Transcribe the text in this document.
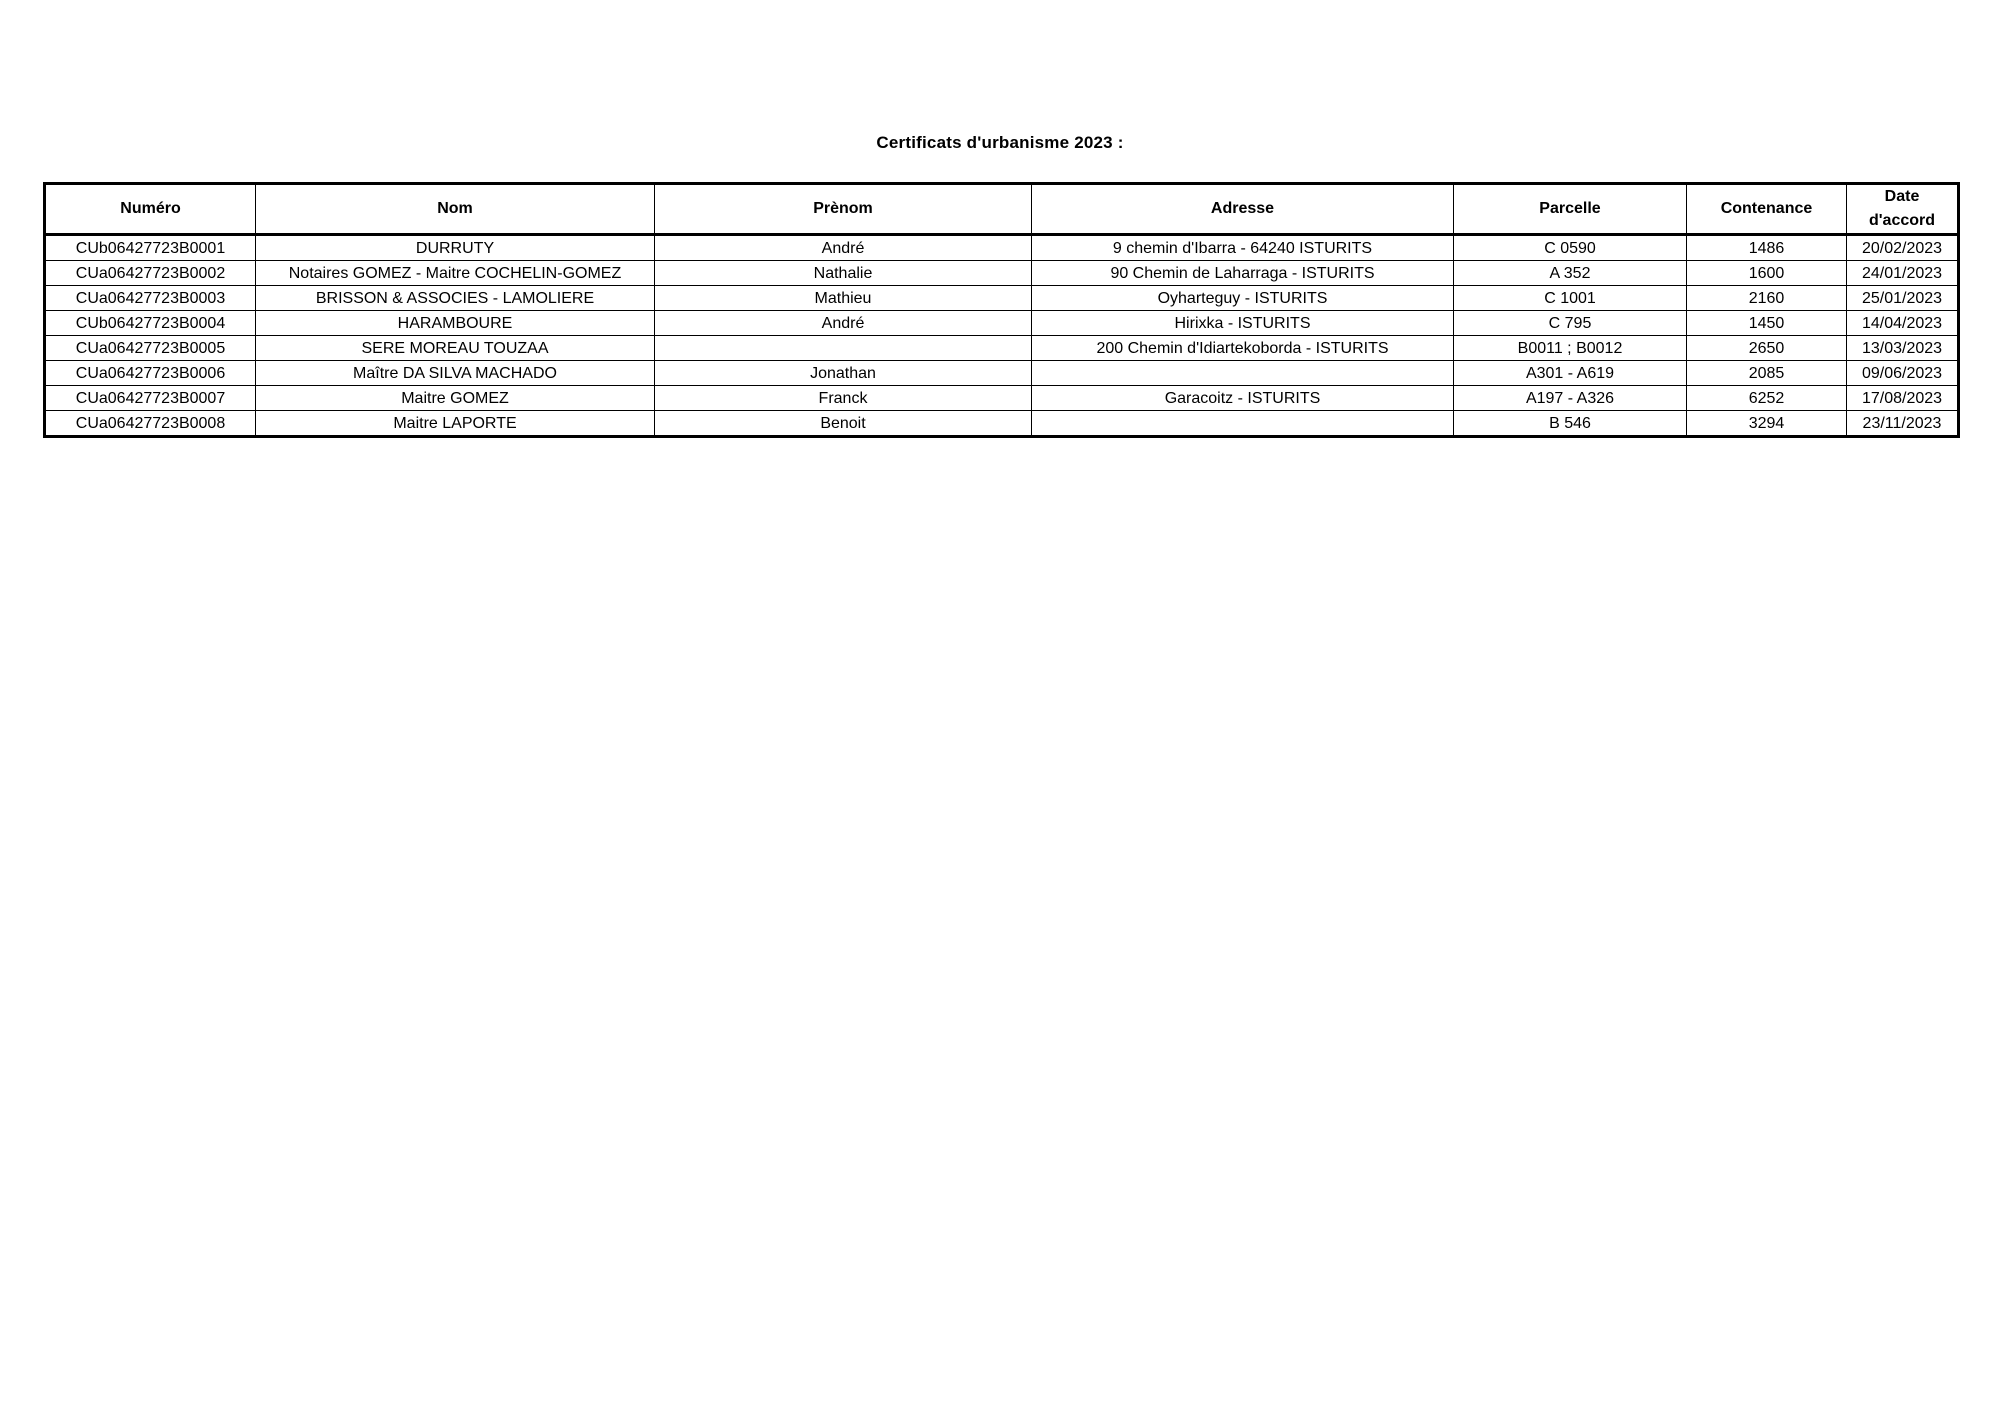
Certificats d'urbanisme 2023 :
Numéro	Nom	Prènom	Adresse	Parcelle	Contenance	Date
d'accord

CUb06427723B0001	DURRUTY	André	9 chemin d'Ibarra - 64240 ISTURITS	C 0590	1486	20/02/2023
CUa06427723B0002	Notaires GOMEZ - Maitre COCHELIN-GOMEZ	Nathalie	90 Chemin de Laharraga - ISTURITS	A 352	1600	24/01/2023
CUa06427723B0003	BRISSON & ASSOCIES - LAMOLIERE	Mathieu	Oyharteguy - ISTURITS	C 1001	2160	25/01/2023
CUb06427723B0004	HARAMBOURE	André	Hirixka - ISTURITS	C 795	1450	14/04/2023
CUa06427723B0005	SERE MOREAU TOUZAA		200 Chemin d'Idiartekoborda - ISTURITS	B0011 ; B0012	2650	13/03/2023
CUa06427723B0006	Maître DA SILVA MACHADO	Jonathan		A301 - A619	2085	09/06/2023
CUa06427723B0007	Maitre GOMEZ	Franck	Garacoitz - ISTURITS	A197 - A326	6252	17/08/2023
CUa06427723B0008	Maitre LAPORTE	Benoit		B 546	3294	23/11/2023
